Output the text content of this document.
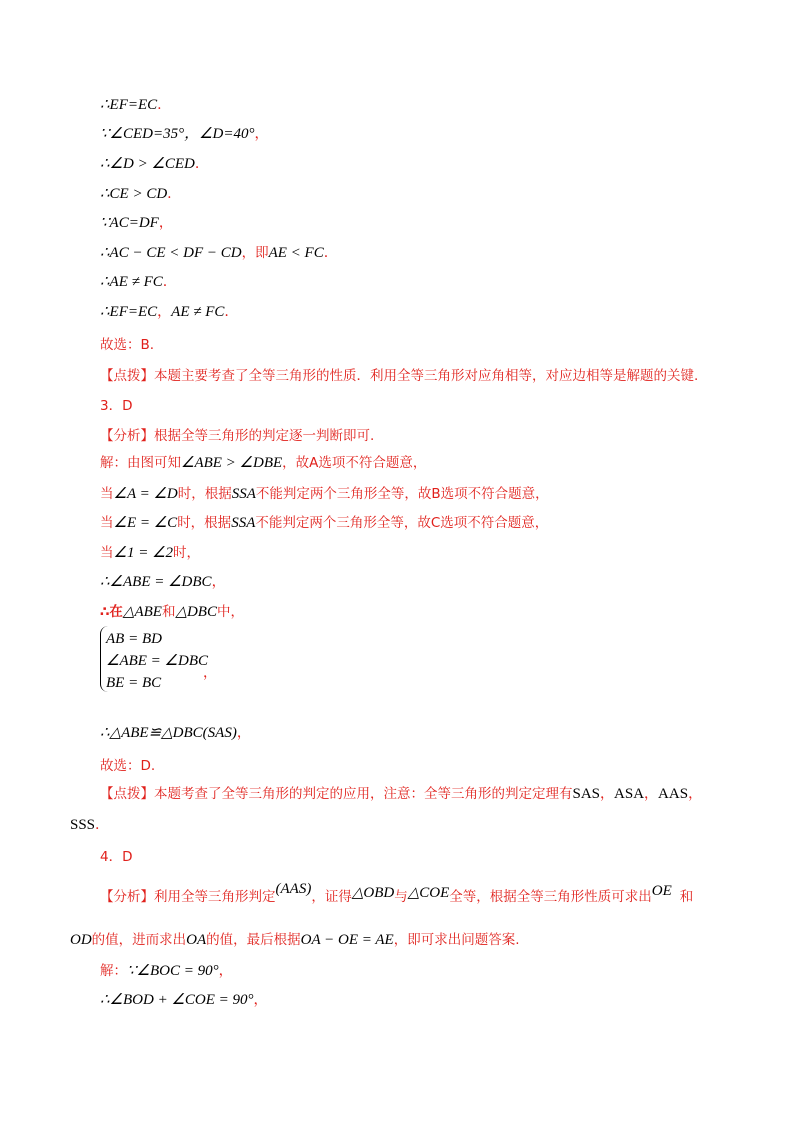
∴EF=EC.
∵∠CED=35°，∠D=40°，
∴∠D > ∠CED.
∴CE > CD.
∵AC=DF，
∴AC − CE < DF − CD，即AE < FC.
∴AE ≠ FC.
∴EF=EC，AE ≠ FC.
故选：B.
【点拨】本题主要考查了全等三角形的性质．利用全等三角形对应角相等，对应边相等是解题的关键.
3．D
【分析】根据全等三角形的判定逐一判断即可.
解：由图可知∠ABE > ∠DBE，故A选项不符合题意，
当∠A = ∠D时，根据SSA不能判定两个三角形全等，故B选项不符合题意，
当∠E = ∠C时，根据SSA不能判定两个三角形全等，故C选项不符合题意，
当∠1 = ∠2时，
∴∠ABE = ∠DBC，
∴在△ABE和△DBC中，
AB = BD
∠ABE = ∠DBC
BE = BC
，
∴△ABE≌△DBC(SAS)，
故选：D.
【点拨】本题考查了全等三角形的判定的应用，注意：全等三角形的判定定理有SAS，ASA，AAS，
SSS.
4．D
【分析】利用全等三角形判定(AAS)，证得△OBD与△COE全等，根据全等三角形性质可求出OE 和
OD的值，进而求出OA的值，最后根据OA − OE = AE，即可求出问题答案.
解：∵∠BOC = 90°，
∴∠BOD + ∠COE = 90°，
